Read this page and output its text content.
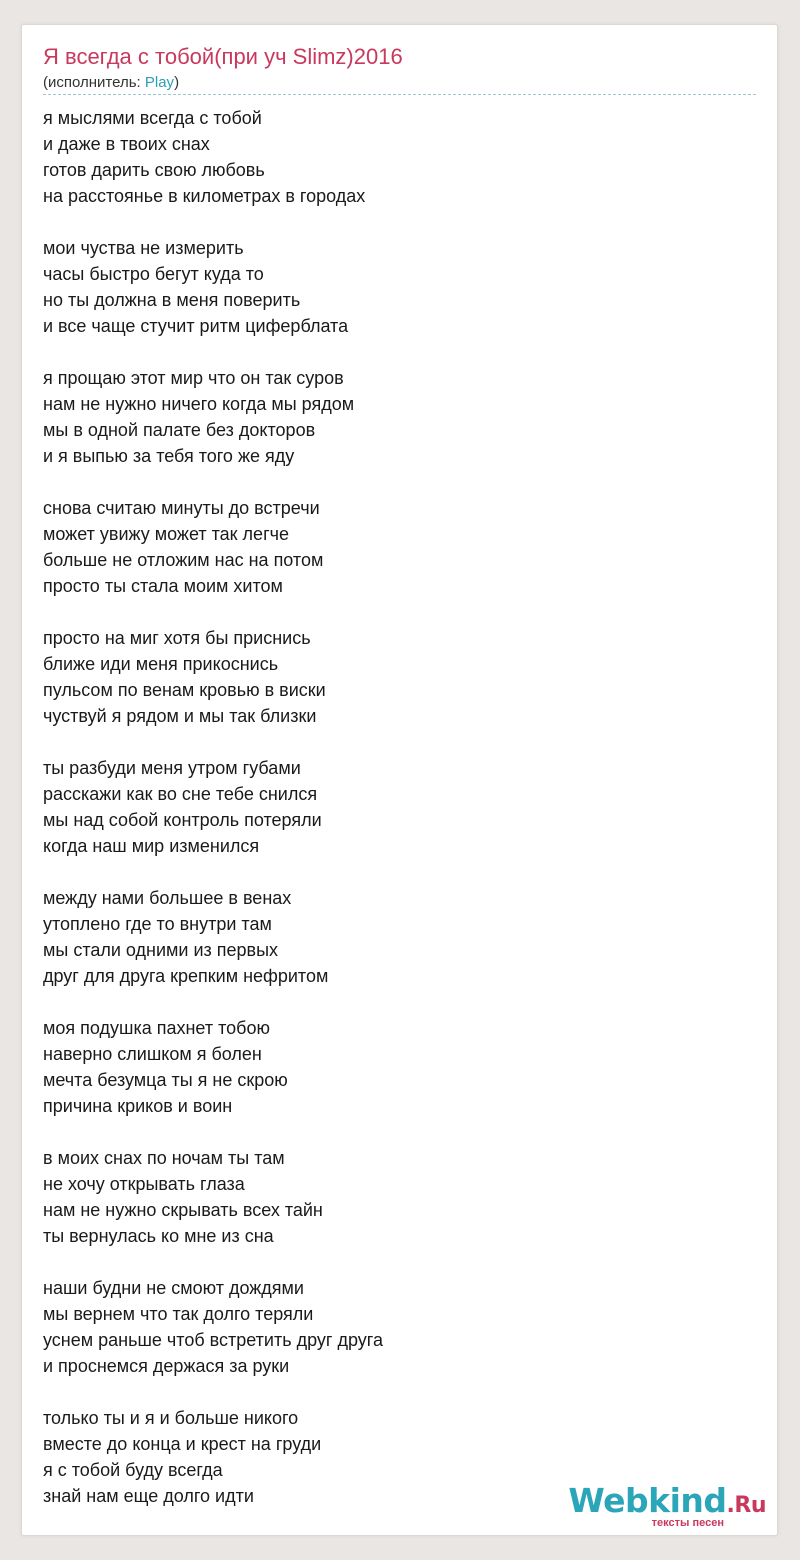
Я всегда с тобой(при уч Slimz)2016
(исполнитель: Play)
я мыслями всегда с тобой
и даже в твоих снах
готов дарить свою любовь
на расстоянье в километрах в городах
мои чуства не измерить
часы быстро бегут куда то
но ты должна в меня поверить
и все чаще стучит ритм циферблата
я прощаю этот мир что он так суров
нам не нужно ничего когда мы рядом
мы в одной палате без докторов
и я выпью за тебя того же яду
снова считаю минуты до встречи
может увижу может так легче
больше не отложим нас на потом
просто ты стала моим хитом
просто на миг хотя бы приснись
ближе иди меня прикоснись
пульсом по венам кровью в виски
чуствуй я рядом и мы так близки
ты разбуди меня утром губами
расскажи как во сне тебе снился
мы над собой контроль потеряли
когда наш мир изменился
между нами большее в венах
утоплено где то внутри там
мы стали одними из первых
друг для друга крепким нефритом
моя подушка пахнет тобою
наверно слишком я болен
мечта безумца ты я не скрою
причина криков и воин
в моих снах по ночам ты там
не хочу открывать глаза
нам не нужно скрывать всех тайн
ты вернулась ко мне из сна
наши будни не смоют дождями
мы вернем что так долго теряли
уснем раньше чтоб встретить друг друга
и проснемся держася за руки
только ты и я и больше никого
вместе до конца и крест на груди
я с тобой буду всегда
знай нам еще долго идти	Webkind.Ru
тексты песен
